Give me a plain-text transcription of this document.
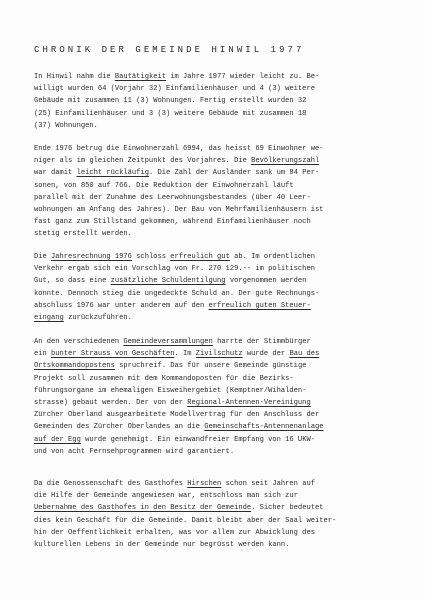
CHRONIK DER GEMEINDE HINWIL 1977
In Hinwil nahm die Bautätigkeit im Jahre 1977 wieder leicht zu. Be-
willigt wurden 64 (Vorjahr 32) Einfamilienhäuser und 4 (3) weitere
Gebäude mit zusammen 11 (3) Wohnungen. Fertig erstellt wurden 32
(25) Einfamilienhäuser und 3 (3) weitere Gebäude mit zusammen 18
(37) Wohnungen.
Ende 1976 betrug die Einwohnerzahl 6994, das heisst 69 Einwohner we-
niger als im gleichen Zeitpunkt des Vorjahres. Die Bevölkerungszahl
war damit leicht rückläufig. Die Zahl der Ausländer sank um 84 Per-
sonen, von 850 auf 766. Die Reduktion der Einwohnerzahl läuft
parallel mit der Zunahme des Leerwohnungsbestandes (über 40 Leer-
wohnungen am Anfang des Jahres). Der Bau von Mehrfamilienhäusern ist
fast ganz zum Stillstand gekommen, während Einfamilienhäuser noch
stetig erstellt werden.
Die Jahresrechnung 1976 schloss erfreulich gut ab. Im ordentlichen
Verkehr ergab sich ein Vorschlag von Fr. 270 129.-- im politischen
Gut, so dass eine zusätzliche Schuldentilgung vorgenommen werden
konnte. Dennoch stieg die ungedeckte Schuld an. Der gute Rechnungs-
abschluss 1976 war unter anderem auf den erfreulich guten Steuer-
eingang zurückzuführen.
An den verschiedenen Gemeindeversammlungen harrte der Stimmbürger
ein bunter Strauss von Geschäften. Im Zivilschutz wurde der Bau des
Ortskommandopostens spruchreif. Das für unsere Gemeinde günstige
Projekt soll zusammen mit dem Kommandoposten für die Bezirks-
führungsorgane im ehemaligen Eisweihergebiet (Kemptner/Wihalden-
strasse) gebaut werden. Der von der Regional-Antennen-Vereinigung
Zürcher Oberland ausgearbeitete Modellvertrag für den Anschluss der
Gemeinden des Zürcher Oberlandes an die Gemeinschafts-Antennenanlage
auf der Egg wurde genehmigt. Ein einwandfreier Empfang von 16 UKW-
und von acht Fernsehprogrammen wird garantiert.
Da die Genossenschaft des Gasthofes Hirschen schon seit Jahren auf
die Hilfe der Gemeinde angewiesen war, entschloss man sich zur
Uebernahme des Gasthofes in den Besitz der Gemeinde. Sicher bedeutet
dies kein Geschäft für die Gemeinde. Damit bleibt aber der Saal weiter-
hin der Oeffentlichkeit erhalten, was vor allem zur Abwicklung des
kulturellen Lebens in der Gemeinde nur begrüsst werden kann.
